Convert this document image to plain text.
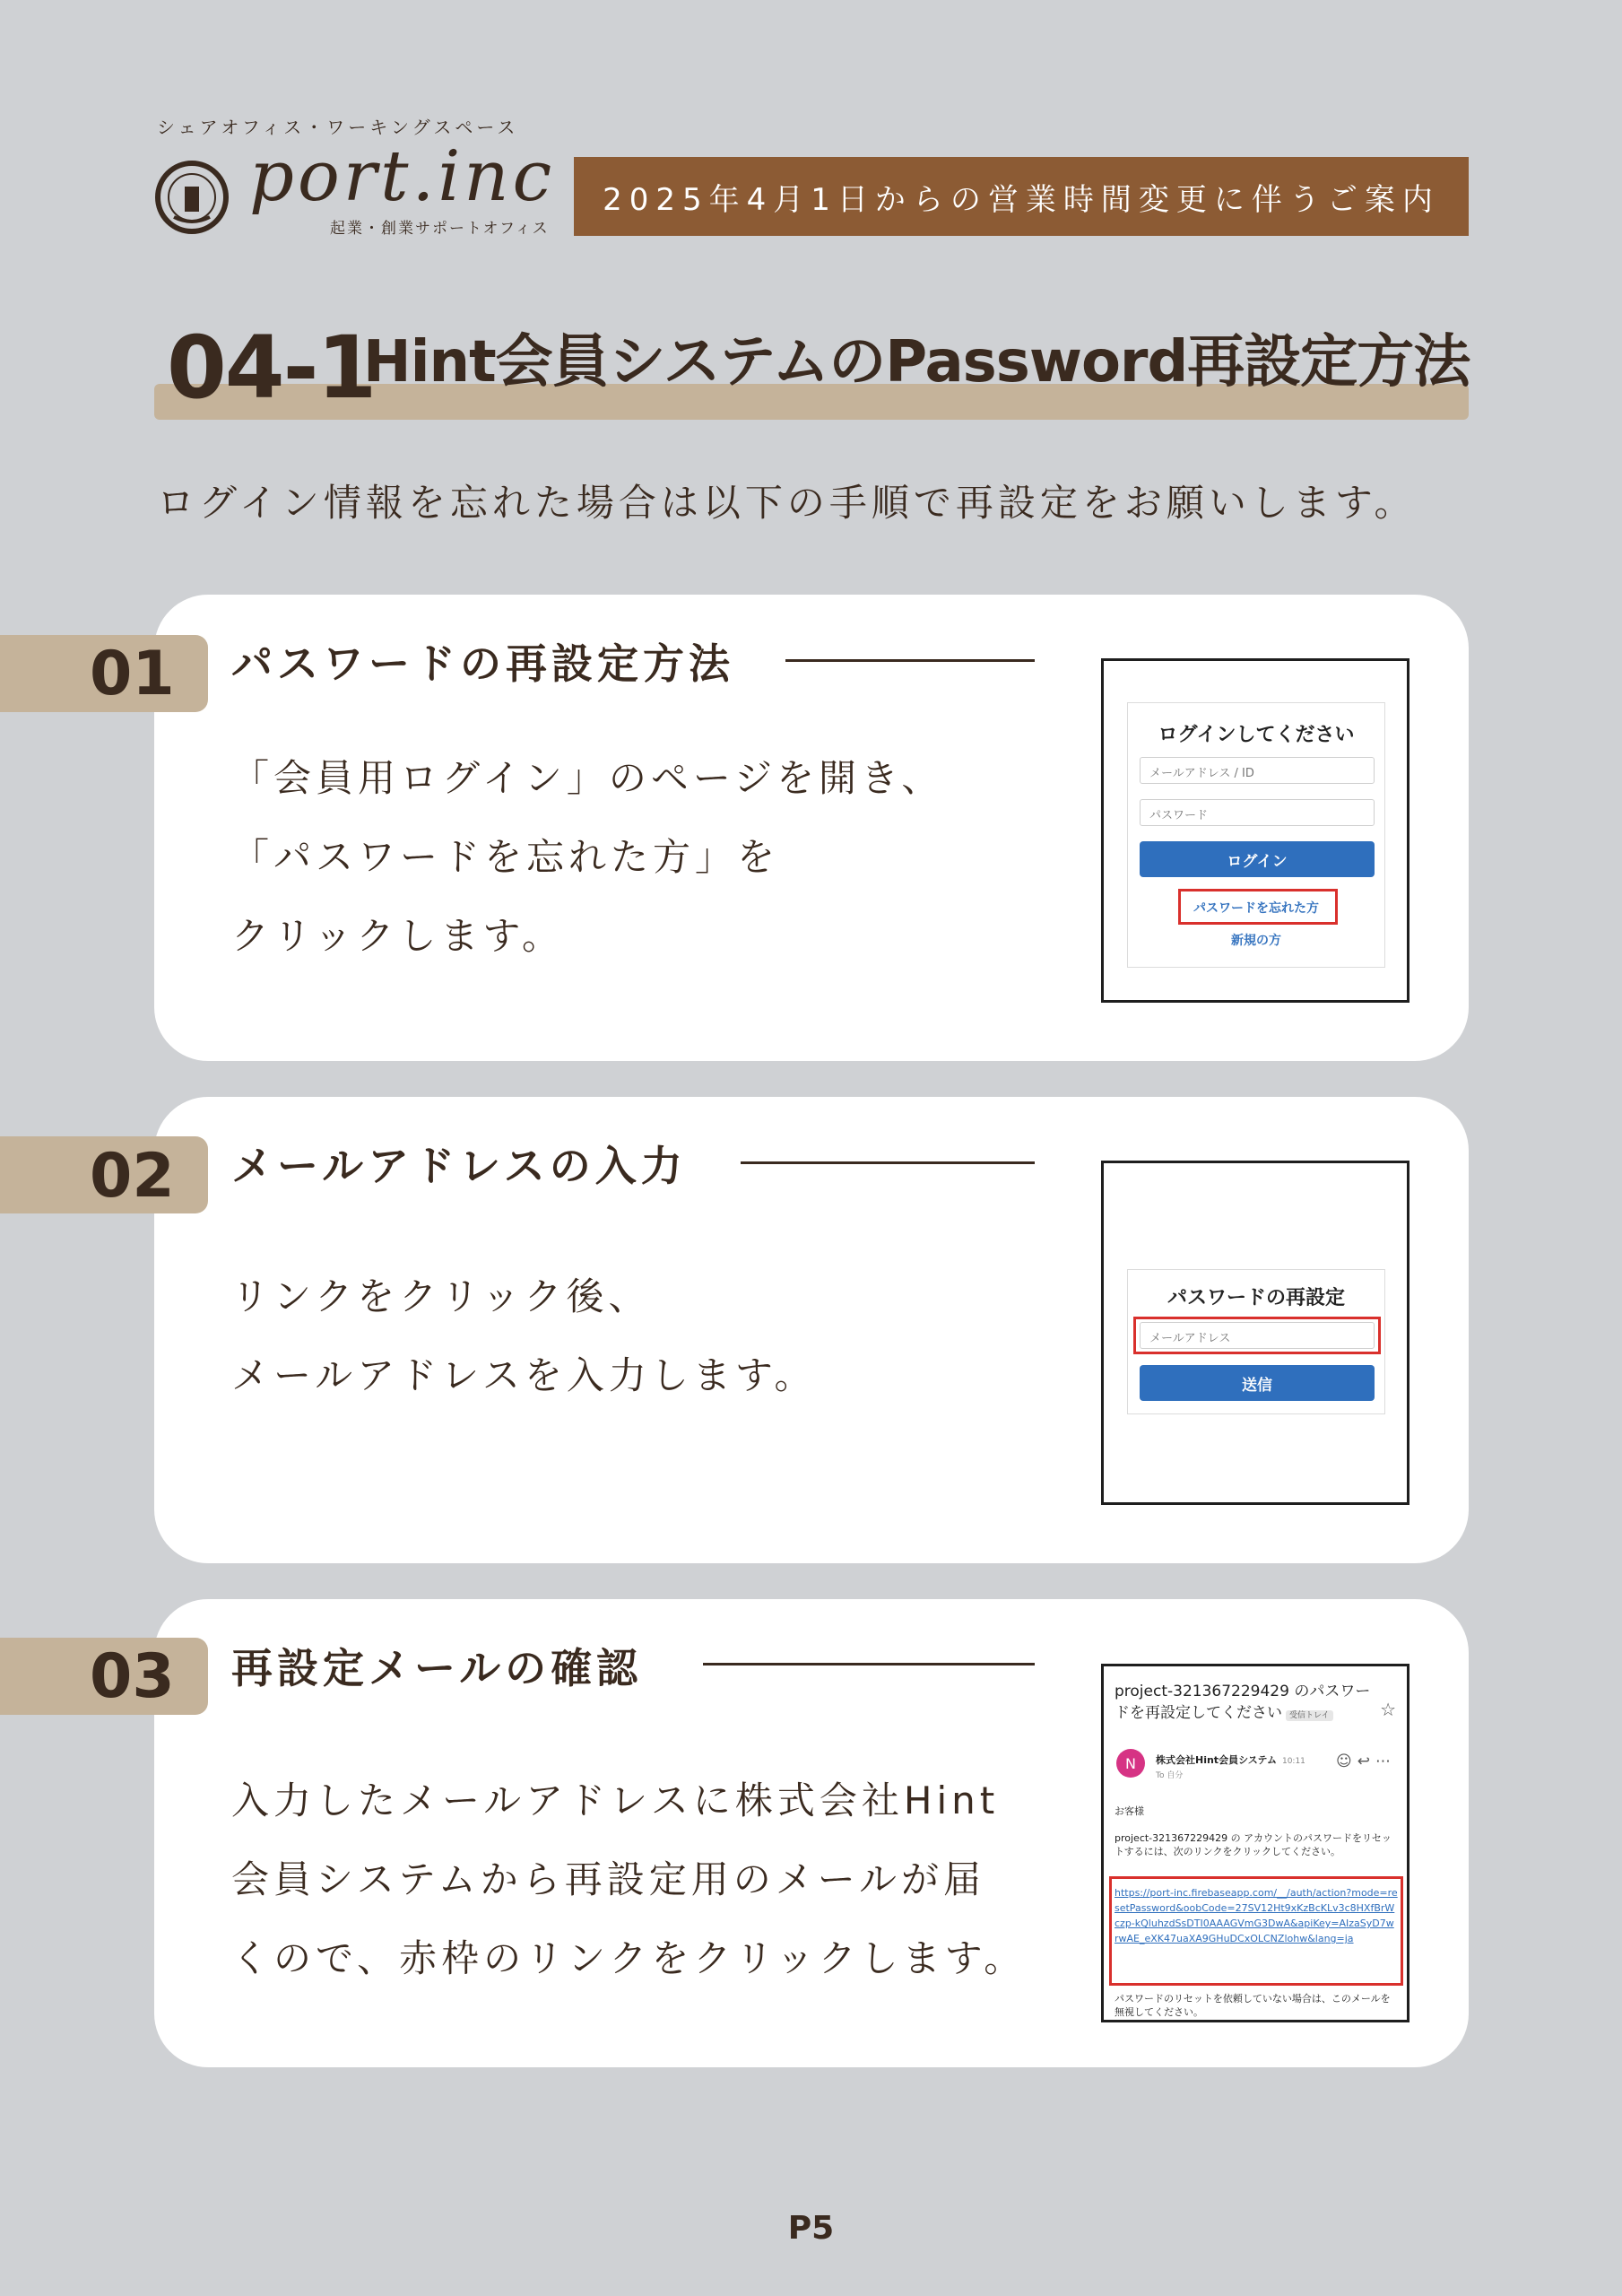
シェアオフィス・ワーキングスペース
port.inc
起業・創業サポートオフィス
2025年4月1日からの営業時間変更に伴うご案内
04-1
Hint会員システムのPassword再設定方法
ログイン情報を忘れた場合は以下の手順で再設定をお願いします。
01 パスワードの再設定方法
「会員用ログイン」のページを開き、
「パスワードを忘れた方」を
クリックします。
ログインしてください
メールアドレス / ID
パスワード
ログイン
パスワードを忘れた方
新規の方
02 メールアドレスの入力
リンクをクリック後、
メールアドレスを入力します。
パスワードの再設定
メールアドレス
送信
03 再設定メールの確認
入力したメールアドレスに株式会社Hint
会員システムから再設定用のメールが届
くので、赤枠のリンクをクリックします。
project-321367229429 のパスワードを再設定してください 受信トレイ	☆
N	株式会社Hint会員システム 10:11
To 自分
☺↩⋯
お客様
project-321367229429 の アカウントのパスワードをリセットするには、次のリンクをクリックしてください。
https://port-inc.firebaseapp.com/__/auth/action?mode=resetPassword&oobCode=27SV12Ht9xKzBcKLv3c8HXfBrWczp-kQluhzdSsDTI0AAAGVmG3DwA&apiKey=AIzaSyD7wrwAE_eXK47uaXA9GHuDCxOLCNZlohw&lang=ja
パスワードのリセットを依頼していない場合は、このメールを無視してください。
P5
